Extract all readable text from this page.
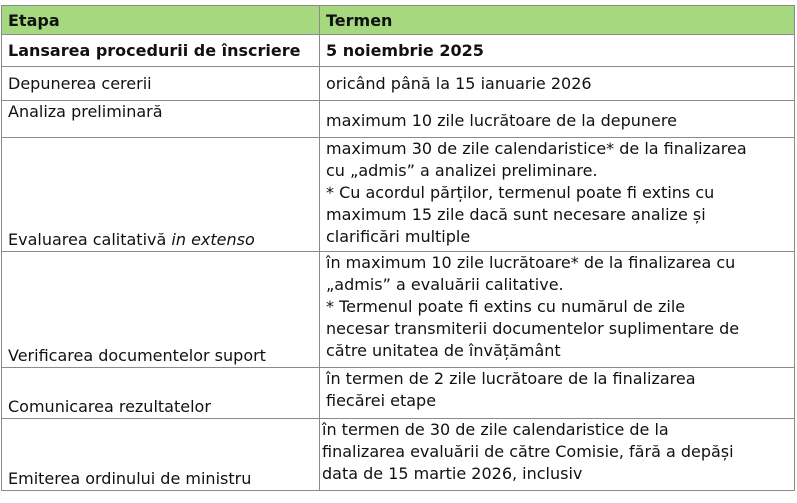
Etapa	Termen
Lansarea procedurii de înscriere	5 noiembrie 2025

Depunerea cererii	oricând până la 15 ianuarie 2026

Analiza preliminară	maximum 10 zile lucrătoare de la depunere

Evaluarea calitativă in extenso	maximum 30 de zile calendaristice* de la finalizarea
cu „admis” a analizei preliminare.
* Cu acordul părților, termenul poate fi extins cu
maximum 15 zile dacă sunt necesare analize și
clarificări multiple

Verificarea documentelor suport	în maximum 10 zile lucrătoare* de la finalizarea cu
„admis” a evaluării calitative.
* Termenul poate fi extins cu numărul de zile
necesar transmiterii documentelor suplimentare de
către unitatea de învățământ

Comunicarea rezultatelor	în termen de 2 zile lucrătoare de la finalizarea
fiecărei etape

Emiterea ordinului de ministru	în termen de 30 de zile calendaristice de la
finalizarea evaluării de către Comisie, fără a depăși
data de 15 martie 2026, inclusiv
